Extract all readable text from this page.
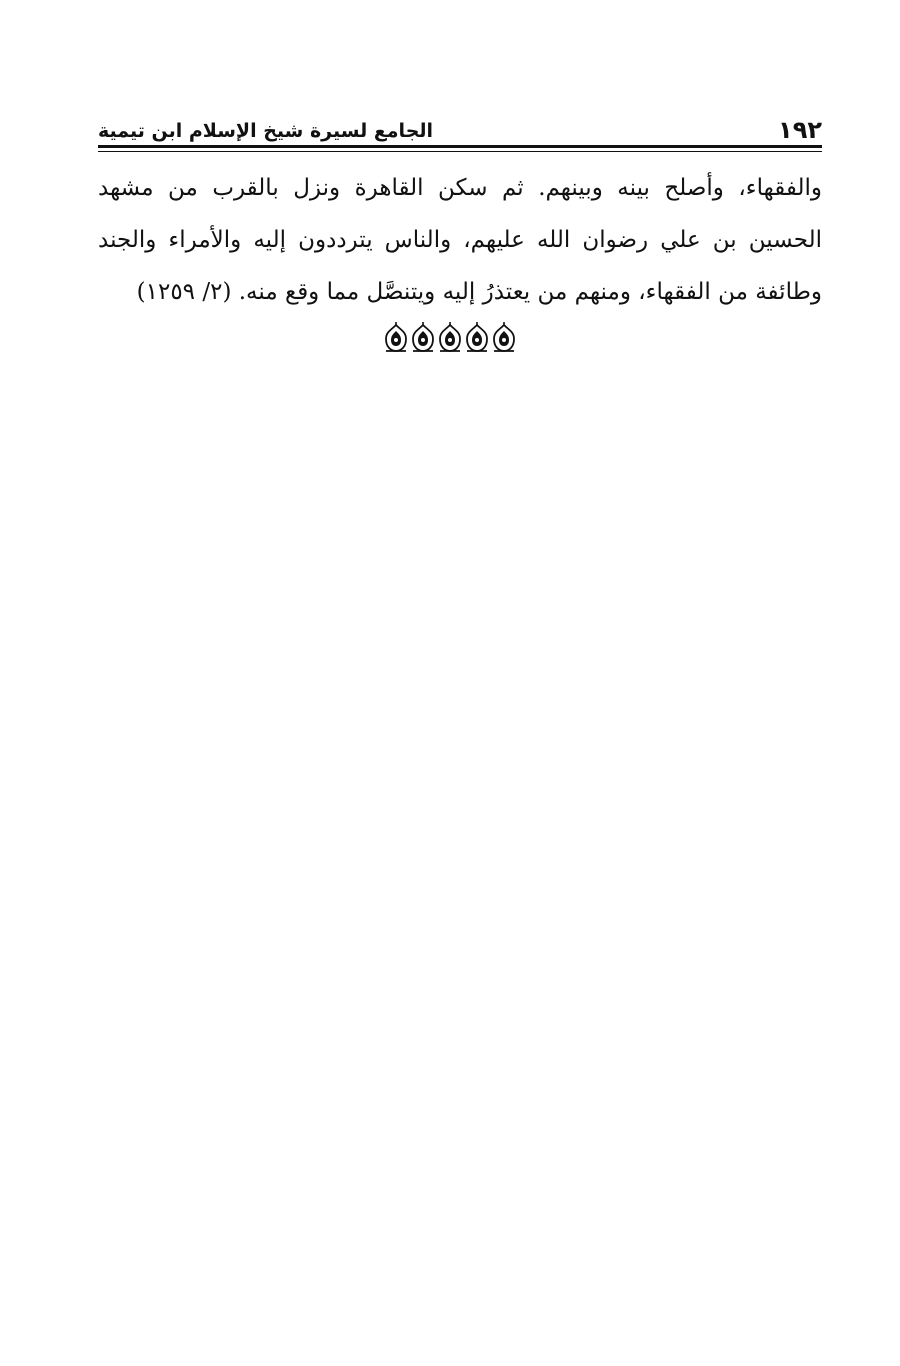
الجامع لسيرة شيخ الإسلام ابن تيمية	١٩٢
والفقهاء، وأصلح بينه وبينهم. ثم سكن القاهرة ونزل بالقرب من مشهد
الحسين بن علي رضوان الله عليهم، والناس يترددون إليه والأمراء والجند
وطائفة من الفقهاء، ومنهم من يعتذرُ إليه ويتنصَّل مما وقع منه. (٢/ ١٢٥٩)
